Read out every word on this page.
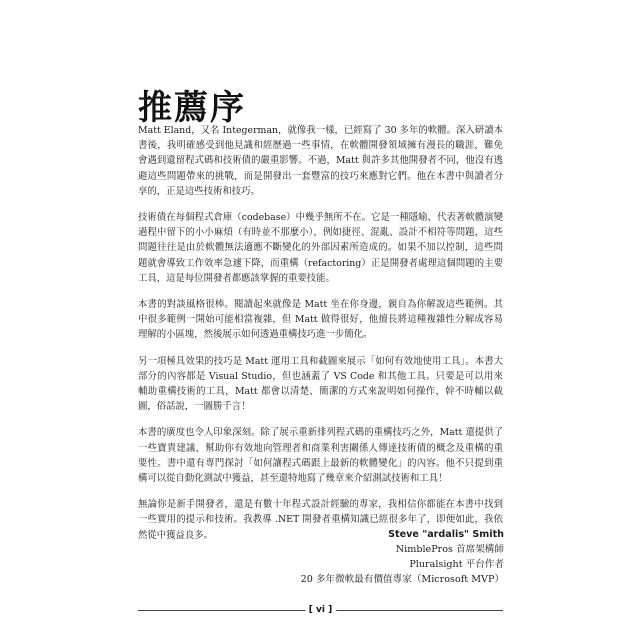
推薦序

Matt Eland，又名 Integerman，就像我一樣，已經寫了 30 多年的軟體。深入研讀本書後，我明確感受到他見識和經歷過一些事情，在軟體開發領域擁有漫長的職涯，難免會遇到遺留程式碼和技術債的嚴重影響。不過，Matt 與許多其他開發者不同，他沒有逃避這些問題帶來的挑戰，而是開發出一套豐富的技巧來應對它們。他在本書中與讀者分享的，正是這些技術和技巧。

技術債在每個程式倉庫（codebase）中幾乎無所不在。它是一種隱喻，代表著軟體演變過程中留下的小小麻煩（有時並不那麼小），例如捷徑、混亂、設計不相符等問題，這些問題往往是由於軟體無法適應不斷變化的外部因素所造成的。如果不加以控制，這些問題就會導致工作效率急遽下降，而重構（refactoring）正是開發者處理這個問題的主要工具，這是每位開發者都應該掌握的重要技能。

本書的對談風格很棒。閱讀起來就像是 Matt 坐在你身邊，親自為你解說這些範例。其中很多範例一開始可能相當複雜，但 Matt 做得很好，他擅長將這種複雜性分解成容易理解的小區塊，然後展示如何透過重構技巧進一步簡化。

另一項極具效果的技巧是 Matt 運用工具和截圖來展示「如何有效地使用工具」。本書大部分的內容都是 Visual Studio，但也涵蓋了 VS Code 和其他工具。只要是可以用來輔助重構技術的工具，Matt 都會以清楚、簡潔的方式來說明如何操作，幹不時輔以截圖，俗話說，一圖勝千言！

本書的廣度也令人印象深刻。除了展示重新排列程式碼的重構技巧之外，Matt 還提供了一些寶貴建議，幫助你有效地向管理者和商業利害關係人傳達技術債的概念及重構的重要性。書中還有專門探討「如何讓程式碼跟上最新的軟體變化」的內容。他不只提到重構可以從自動化測試中獲益，甚至還特地寫了幾章來介紹測試技術和工具！

無論你是新手開發者，還是有數十年程式設計經驗的專家，我相信你都能在本書中找到一些實用的提示和技術。我教導 .NET 開發者重構知識已經很多年了，即便如此，我依然從中獲益良多。	Steve "ardalis" Smith
NimblePros 首席架構師
Pluralsight 平台作者
20 多年微軟最有價值專家（Microsoft MVP）
[ vi ]
